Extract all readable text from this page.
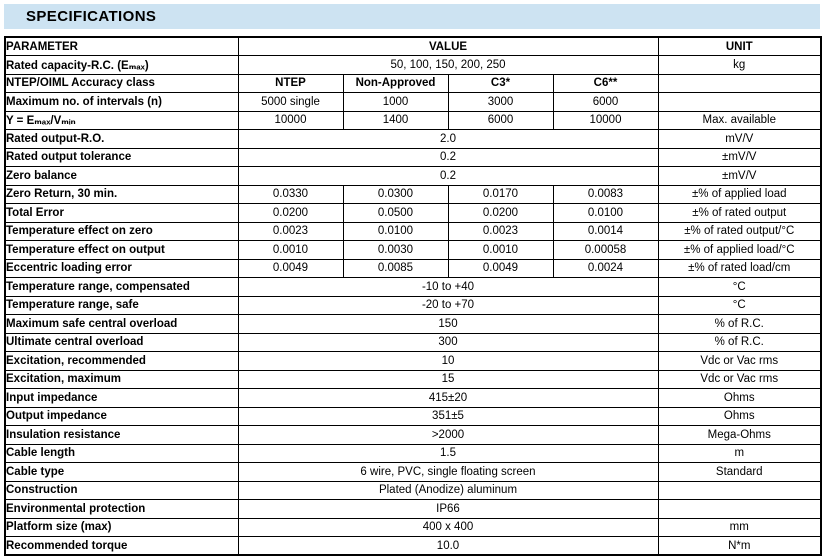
SPECIFICATIONS
PARAMETER	VALUE				UNIT
Rated capacity-R.C. (Eₘₐₓ)	50, 100, 150, 200, 250				kg
NTEP/OIML Accuracy class	NTEP	Non-Approved	C3*	C6**	
Maximum no. of intervals (n)	5000 single	1000	3000	6000	
Y = Eₘₐₓ/Vₘᵢₙ	10000	1400	6000	10000	Max. available
Rated output-R.O.	2.0				mV/V
Rated output tolerance	0.2				±mV/V
Zero balance	0.2				±mV/V
Zero Return, 30 min.	0.0330	0.0300	0.0170	0.0083	±% of applied load
Total Error	0.0200	0.0500	0.0200	0.0100	±% of rated output
Temperature effect on zero	0.0023	0.0100	0.0023	0.0014	±% of rated output/°C
Temperature effect on output	0.0010	0.0030	0.0010	0.00058	±% of applied load/°C
Eccentric loading error	0.0049	0.0085	0.0049	0.0024	±% of rated load/cm
Temperature range, compensated	-10 to +40				°C
Temperature range, safe	-20 to +70				°C
Maximum safe central overload	150				% of R.C.
Ultimate central overload	300				% of R.C.
Excitation, recommended	10				Vdc or Vac rms
Excitation, maximum	15				Vdc or Vac rms
Input impedance	415±20				Ohms
Output impedance	351±5				Ohms
Insulation resistance	>2000				Mega-Ohms
Cable length	1.5				m
Cable type	6 wire, PVC, single floating screen				Standard
Construction	Plated (Anodize) aluminum				
Environmental protection	IP66				
Platform size (max)	400 x 400				mm
Recommended torque	10.0				N*m
